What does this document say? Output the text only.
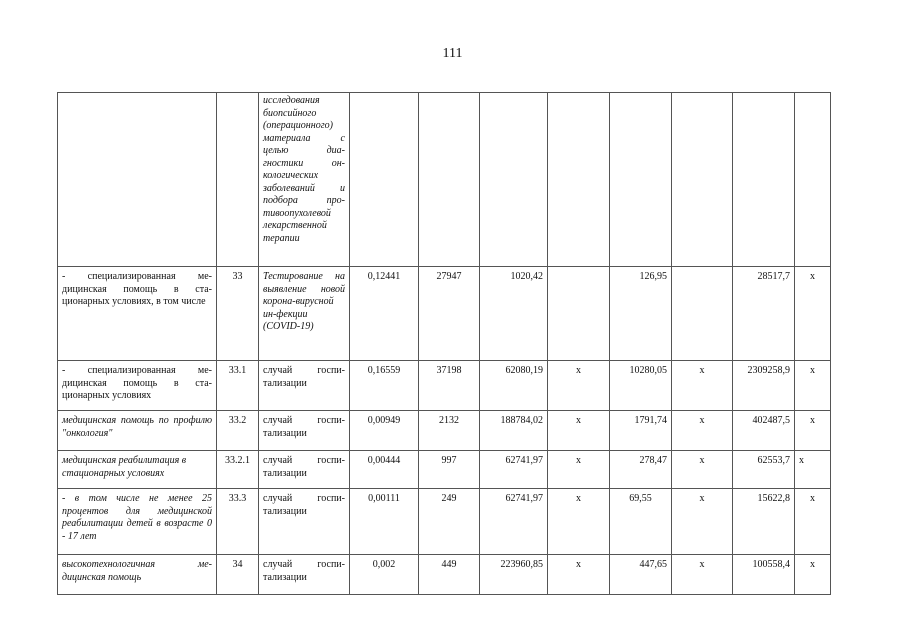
111
		исследования биопсийного (операционного) материала с целью диа-гностики он-кологических заболеваний и подбора про-тивоопухолевой лекарственной терапии								
- специализированная ме-дицинская помощь в ста-ционарных условиях, в том числе	33	Тестирование на выявление новой корона-вирусной ин-фекции (COVID-19)	0,12441	27947	1020,42		126,95		28517,7	x
- специализированная ме-дицинская помощь в ста-ционарных условиях	33.1	случай госпи-тализации	0,16559	37198	62080,19	x	10280,05	x	2309258,9	x
медицинская помощь по профилю "онкология"	33.2	случай госпи-тализации	0,00949	2132	188784,02	x	1791,74	x	402487,5	x
медицинская реабилитация в стационарных условиях	33.2.1	случай госпи-тализации	0,00444	997	62741,97	x	278,47	x	62553,7	x
- в том числе не менее 25 процентов для медицинской реабилитации детей в возрасте 0 - 17 лет	33.3	случай госпи-тализации	0,00111	249	62741,97	x	69,55	x	15622,8	x
высокотехнологичная ме-дицинская помощь	34	случай госпи-тализации	0,002	449	223960,85	x	447,65	x	100558,4	x
